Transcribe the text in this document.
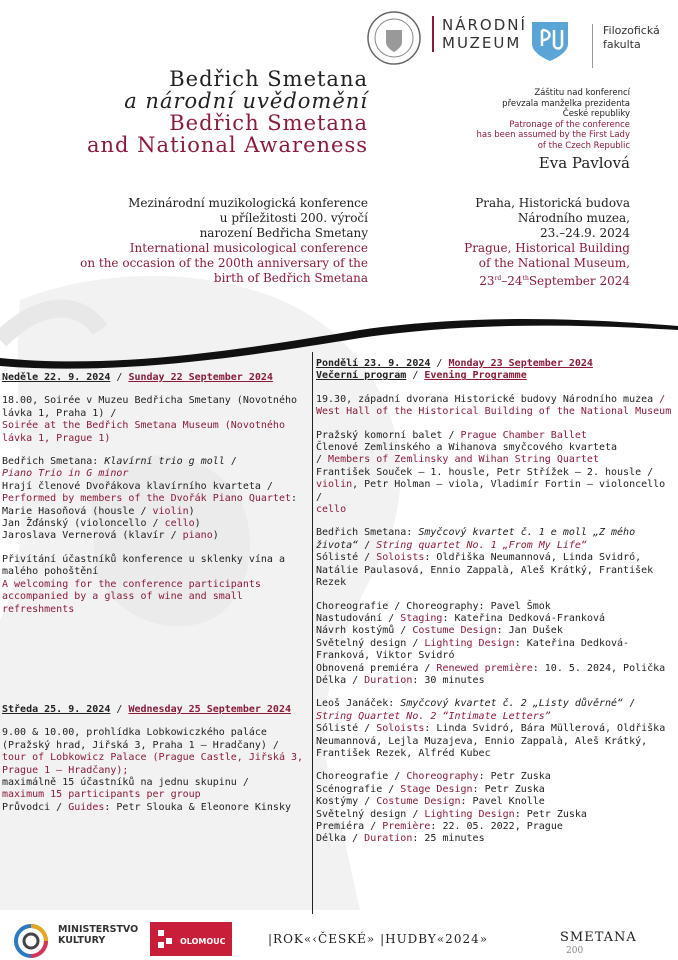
NÁRODNÍ
MUZEUM
Filozofická
fakulta
Bedřich Smetana
a národní uvědomění
Bedřich Smetana
and National Awareness
Mezinárodní muzikologická konference
u příležitosti 200. výročí
narození Bedřicha Smetany
International musicological conference
on the occasion of the 200th anniversary of the
birth of Bedřich Smetana
Záštitu nad konferencí
převzala manželka prezidenta
České republiky
Patronage of the conference
has been assumed by the First Lady
of the Czech Republic
Eva Pavlová
Praha, Historická budova
Národního muzea,
23.–24.9. 2024
Prague, Historical Building
of the National Museum,
23rd–24thSeptember 2024

Neděle 22. 9. 2024 / Sunday 22 September 2024

18.00, Soirée v Muzeu Bedřicha Smetany (Novotného lávka 1, Praha 1) /
Soirée at the Bedřich Smetana Museum (Novotného lávka 1, Prague 1)

Bedřich Smetana: Klavírní trio g moll /
Piano Trio in G minor
Hrají členové Dvořákova klavírního kvarteta / Performed by members of the Dvořák Piano Quartet:
Marie Hasoňová (housle / violin)
Jan Žďánský (violoncello / cello)
Jaroslava Vernerová (klavír / piano)

Přivítání účastníků konference u sklenky vína a malého pohoštění
A welcoming for the conference participants accompanied by a glass of wine and small refreshments

Středa 25. 9. 2024 / Wednesday 25 September 2024

9.00 & 10.00, prohlídka Lobkowiczkého paláce (Pražský hrad, Jiřská 3, Praha 1 – Hradčany) /
tour of Lobkowicz Palace (Prague Castle, Jiřská 3, Prague 1 – Hradčany);
maximálně 15 účastníků na jednu skupinu /
maximum 15 participants per group
Průvodci / Guides: Petr Slouka & Eleonore Kinsky

Pondělí 23. 9. 2024 / Monday 23 September 2024
Večerní program / Evening Programme

19.30, západní dvorana Historické budovy Národního muzea / West Hall of the Historical Building of the National Museum

Pražský komorní balet / Prague Chamber Ballet
Členové Zemlinského a Wihanova smyčcového kvarteta
/ Members of Zemlinsky and Wihan String Quartet
František Souček – 1. housle, Petr Střížek – 2. housle /
violin, Petr Holman – viola, Vladimír Fortin – violoncello /
cello

Bedřich Smetana: Smyčcový kvartet č. 1 e moll „Z mého života“ / String quartet No. 1 „From My Life“
Sólisté / Soloists: Oldřiška Neumannová, Linda Svidró, Natálie Paulasová, Ennio Zappalà, Aleš Krátký, František Rezek

Choreografie / Choreography: Pavel Šmok
Nastudování / Staging: Kateřina Dedková-Franková
Návrh kostýmů / Costume Design: Jan Dušek
Světelný design / Lighting Design: Kateřina Dedková-Franková, Viktor Svidró
Obnovená premiéra / Renewed première: 10. 5. 2024, Polička
Délka / Duration: 30 minutes

Leoš Janáček: Smyčcový kvartet č. 2 „Listy důvěrné“ / String Quartet No. 2 “Intimate Letters”
Sólisté / Soloists: Linda Svidró, Bára Müllerová, Oldřiška Neumannová, Lejla Muzajeva, Ennio Zappalà, Aleš Krátký, František Rezek, Alfréd Kubec

Choreografie / Choreography: Petr Zuska
Scénografie / Stage Design: Petr Zuska
Kostýmy / Costume Design: Pavel Knolle
Světelný design / Lighting Design: Petr Zuska
Premiéra / Première: 22. 05. 2022, Prague
Délka / Duration: 25 minutes

MINISTERSTVO
KULTURY	OLOMOUC	|ROK«‹ČESKÉ» |HUDBY«2024»	SMETANA
200
